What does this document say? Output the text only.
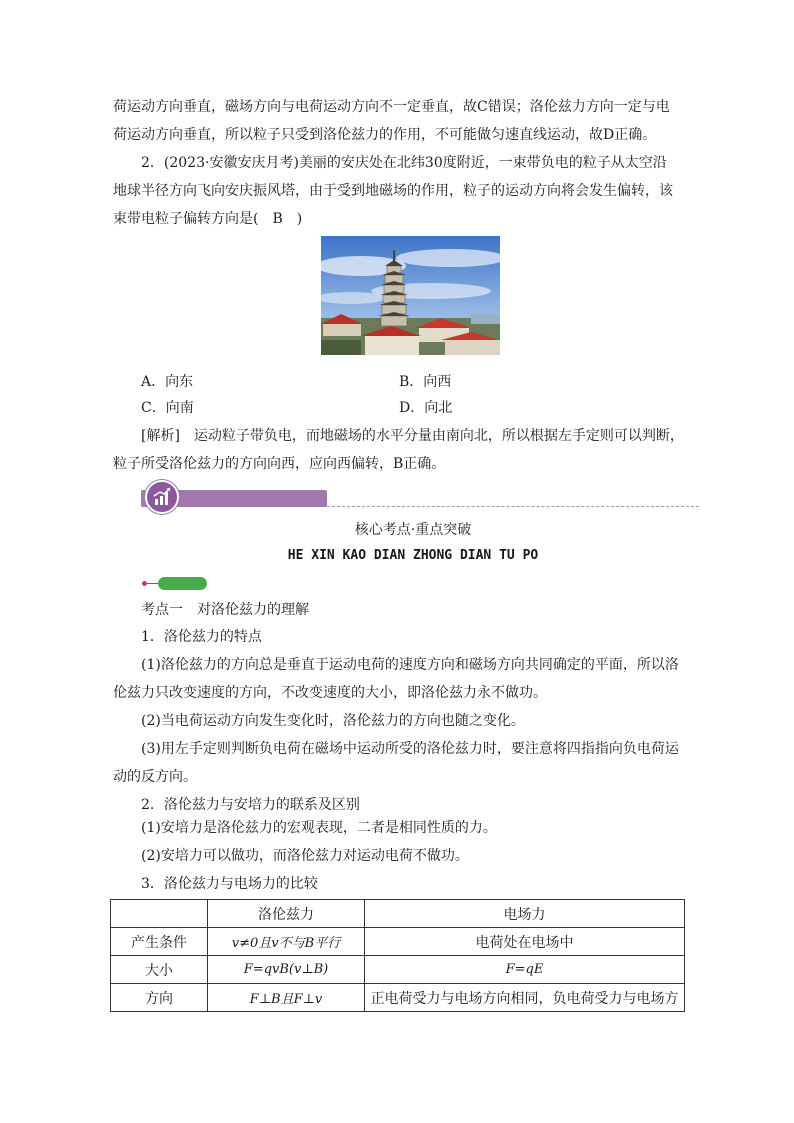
荷运动方向垂直，磁场方向与电荷运动方向不一定垂直，故C错误；洛伦兹力方向一定与电
荷运动方向垂直，所以粒子只受到洛伦兹力的作用，不可能做匀速直线运动，故D正确。
2．(2023·安徽安庆月考)美丽的安庆处在北纬30度附近，一束带负电的粒子从太空沿
地球半径方向飞向安庆振风塔，由于受到地磁场的作用，粒子的运动方向将会发生偏转，该
束带电粒子偏转方向是(　B　)
A．向东	B．向西
C．向南	D．向北
[解析]　运动粒子带负电，而地磁场的水平分量由南向北，所以根据左手定则可以判断，
粒子所受洛伦兹力的方向向西，应向西偏转，B正确。
核心考点·重点突破
HE XIN KAO DIAN ZHONG DIAN TU PO
考点一　对洛伦兹力的理解
1．洛伦兹力的特点
(1)洛伦兹力的方向总是垂直于运动电荷的速度方向和磁场方向共同确定的平面，所以洛
伦兹力只改变速度的方向，不改变速度的大小，即洛伦兹力永不做功。
(2)当电荷运动方向发生变化时，洛伦兹力的方向也随之变化。
(3)用左手定则判断负电荷在磁场中运动所受的洛伦兹力时，要注意将四指指向负电荷运
动的反方向。
2．洛伦兹力与安培力的联系及区别
(1)安培力是洛伦兹力的宏观表现，二者是相同性质的力。
(2)安培力可以做功，而洛伦兹力对运动电荷不做功。
3．洛伦兹力与电场力的比较
	洛伦兹力	电场力
产生条件	v≠0且v不与B平行	电荷处在电场中
大小	F=qvB(v⊥B)	F=qE
方向	F⊥B且F⊥v	正电荷受力与电场方向相同，负电荷受力与电场方
